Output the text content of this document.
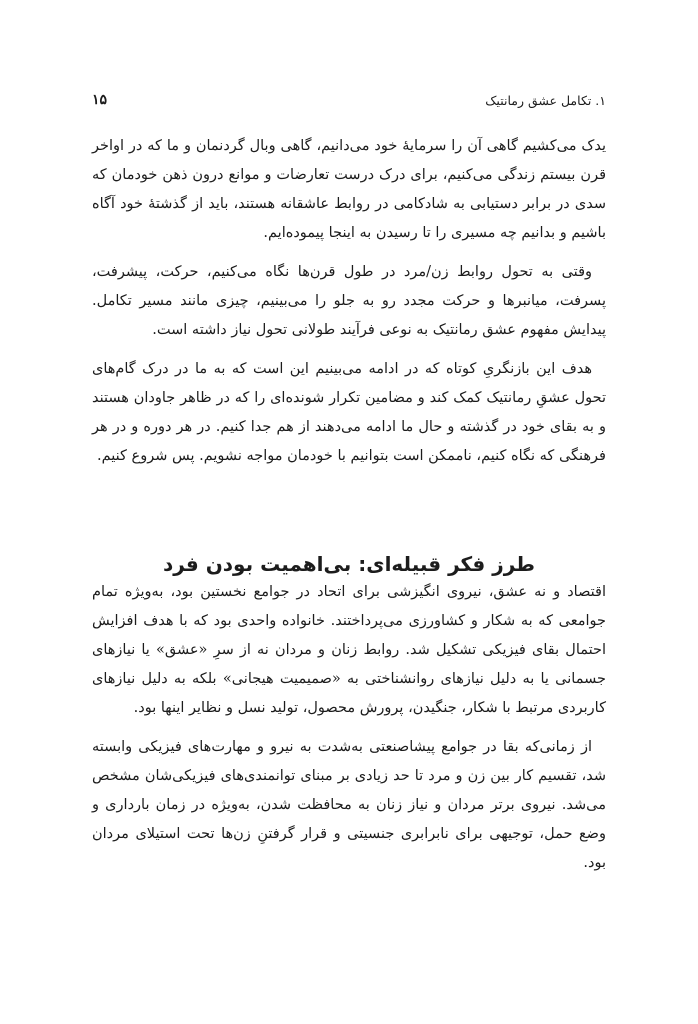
۱. تکامل عشق رمانتیک
۱۵

یدک می‌کشیم گاهی آن را سرمایهٔ خود می‌دانیم، گاهی وبال گردنمان و ما که در اواخر قرن بیستم زندگی می‌کنیم، برای درک درست تعارضات و موانع درون ذهن خودمان که سدی در برابر دستیابی به شادکامی در روابط عاشقانه هستند، باید از گذشتهٔ خود آگاه باشیم و بدانیم چه مسیری را تا رسیدن به اینجا پیموده‌ایم.

وقتی به تحول روابط زن/مرد در طول قرن‌ها نگاه می‌کنیم، حرکت، پیشرفت، پسرفت، میانبرها و حرکت مجدد رو به جلو را می‌بینیم، چیزی مانند مسیر تکامل. پیدایش مفهوم عشق رمانتیک به نوعی فرآیند طولانی تحول نیاز داشته است.

هدف این بازنگریِ کوتاه که در ادامه می‌بینیم این است که به ما در درک گام‌های تحول عشقِ رمانتیک کمک کند و مضامین تکرار شونده‌ای را که در ظاهر جاودان هستند و به بقای خود در گذشته و حال ما ادامه می‌دهند از هم جدا کنیم. در هر دوره و در هر فرهنگی که نگاه کنیم، ناممکن است بتوانیم با خودمان مواجه نشویم. پس شروع کنیم.

طرز فکر قبیله‌ای: بی‌اهمیت بودن فرد

اقتصاد و نه عشق، نیروی انگیزشی برای اتحاد در جوامع نخستین بود، به‌ویژه تمام جوامعی که به شکار و کشاورزی می‌پرداختند. خانواده واحدی بود که با هدف افزایش احتمال بقای فیزیکی تشکیل شد. روابط زنان و مردان نه از سرِ «عشق» یا نیازهای جسمانی یا به دلیل نیازهای روانشناختی به «صمیمیت هیجانی» بلکه به دلیل نیازهای کاربردی مرتبط با شکار، جنگیدن، پرورش محصول، تولید نسل و نظایر اینها بود.

از زمانی‌که بقا در جوامع پیشاصنعتی به‌شدت به نیرو و مهارت‌های فیزیکی وابسته شد، تقسیم کار بین زن و مرد تا حد زیادی بر مبنای توانمندی‌های فیزیکی‌شان مشخص می‌شد. نیروی برتر مردان و نیاز زنان به محافظت شدن، به‌ویژه در زمان بارداری و وضع حمل، توجیهی برای نابرابری جنسیتی و قرار گرفتنِ زن‌ها تحت استیلای مردان بود.
